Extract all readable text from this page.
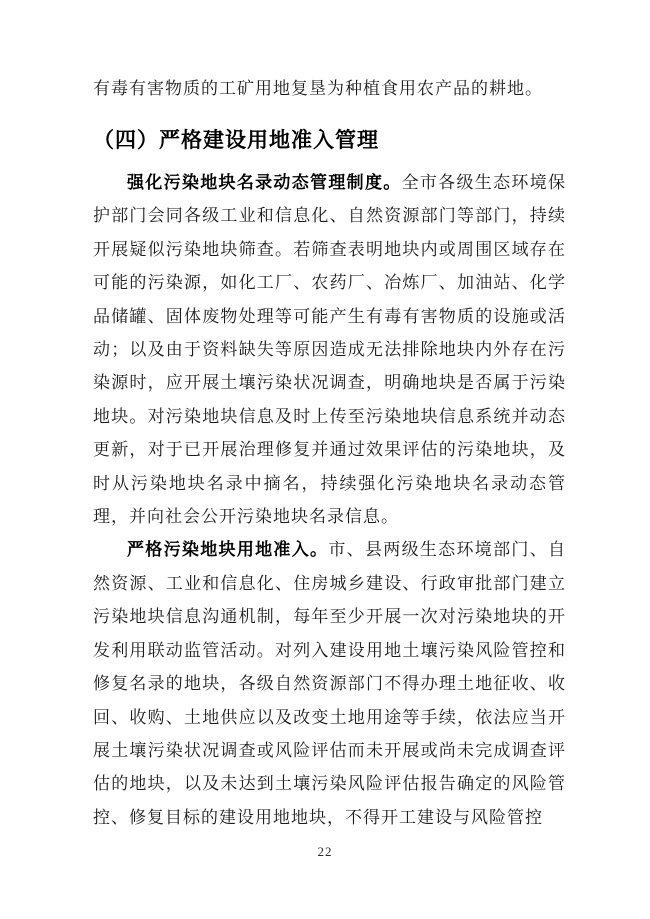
有毒有害物质的工矿用地复垦为种植食用农产品的耕地。

（四）严格建设用地准入管理

强化污染地块名录动态管理制度。全市各级生态环境保护部门会同各级工业和信息化、自然资源部门等部门，持续开展疑似污染地块筛查。若筛查表明地块内或周围区域存在可能的污染源，如化工厂、农药厂、冶炼厂、加油站、化学品储罐、固体废物处理等可能产生有毒有害物质的设施或活动；以及由于资料缺失等原因造成无法排除地块内外存在污染源时，应开展土壤污染状况调查，明确地块是否属于污染地块。对污染地块信息及时上传至污染地块信息系统并动态更新，对于已开展治理修复并通过效果评估的污染地块，及时从污染地块名录中摘名，持续强化污染地块名录动态管理，并向社会公开污染地块名录信息。

严格污染地块用地准入。市、县两级生态环境部门、自然资源、工业和信息化、住房城乡建设、行政审批部门建立污染地块信息沟通机制，每年至少开展一次对污染地块的开发利用联动监管活动。对列入建设用地土壤污染风险管控和修复名录的地块，各级自然资源部门不得办理土地征收、收回、收购、土地供应以及改变土地用途等手续，依法应当开展土壤污染状况调查或风险评估而未开展或尚未完成调查评估的地块，以及未达到土壤污染风险评估报告确定的风险管控、修复目标的建设用地地块，不得开工建设与风险管控

22
